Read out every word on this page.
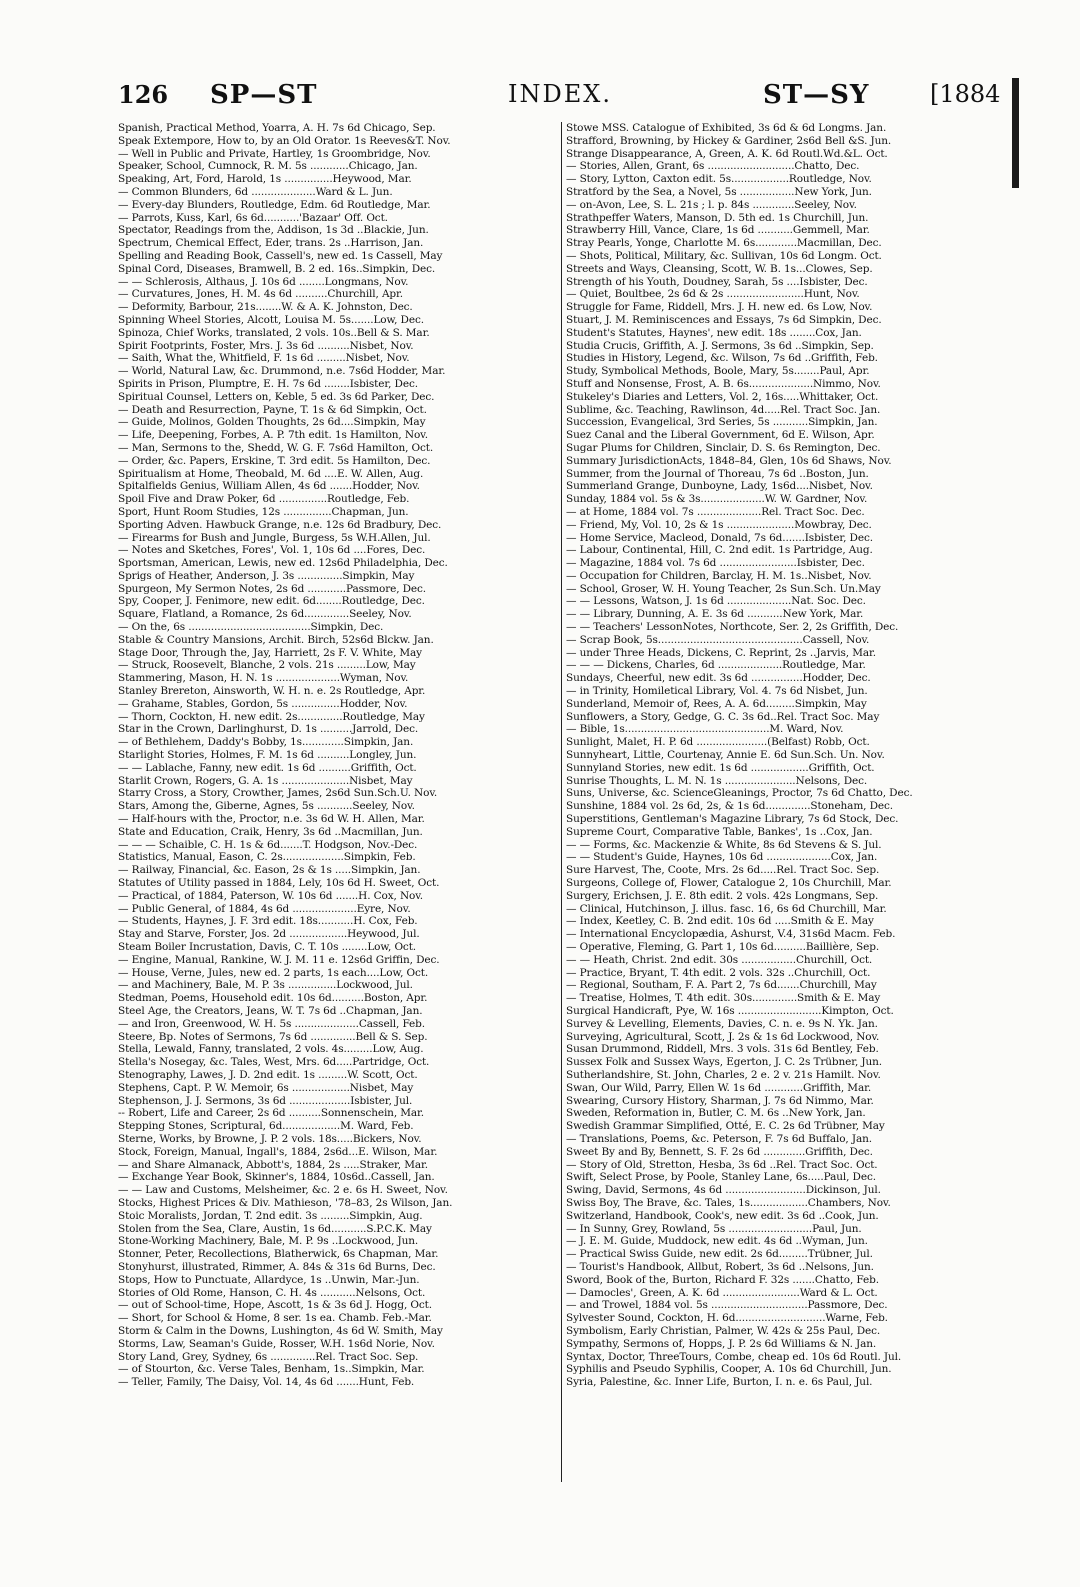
126 SP—ST	INDEX.	ST—SY	[1884
Spanish, Practical Method, Yoarra, A. H. 7s 6d Chicago, Sep.
Speak Extempore, How to, by an Old Orator. 1s Reeves&T. Nov.
— Well in Public and Private, Hartley, 1s Groombridge, Nov.
Speaker, School, Cumnock, R. M. 5s ............Chicago, Jan.
Speaking, Art, Ford, Harold, 1s ...............Heywood, Mar.
— Common Blunders, 6d ....................Ward & L. Jun.
— Every-day Blunders, Routledge, Edm. 6d Routledge, Mar.
— Parrots, Kuss, Karl, 6s 6d...........'Bazaar' Off. Oct.
Spectator, Readings from the, Addison, 1s 3d ..Blackie, Jun.
Spectrum, Chemical Effect, Eder, trans. 2s ..Harrison, Jan.
Spelling and Reading Book, Cassell's, new ed. 1s Cassell, May
Spinal Cord, Diseases, Bramwell, B. 2 ed. 16s..Simpkin, Dec.
— — Schlerosis, Althaus, J. 10s 6d ........Longmans, Nov.
— Curvatures, Jones, H. M. 4s 6d ..........Churchill, Apr.
— Deformity, Barbour, 21s........W. & A. K. Johnston, Dec.
Spinning Wheel Stories, Alcott, Louisa M. 5s.......Low, Dec.
Spinoza, Chief Works, translated, 2 vols. 10s..Bell & S. Mar.
Spirit Footprints, Foster, Mrs. J. 3s 6d ..........Nisbet, Nov.
— Saith, What the, Whitfield, F. 1s 6d .........Nisbet, Nov.
— World, Natural Law, &c. Drummond, n.e. 7s6d Hodder, Mar.
Spirits in Prison, Plumptre, E. H. 7s 6d ........Isbister, Dec.
Spiritual Counsel, Letters on, Keble, 5 ed. 3s 6d Parker, Dec.
— Death and Resurrection, Payne, T. 1s & 6d Simpkin, Oct.
— Guide, Molinos, Golden Thoughts, 2s 6d....Simpkin, May
— Life, Deepening, Forbes, A. P. 7th edit. 1s Hamilton, Nov.
— Man, Sermons to the, Shedd, W. G. F. 7s6d Hamilton, Oct.
— Order, &c. Papers, Erskine, T. 3rd edit. 5s Hamilton, Dec.
Spiritualism at Home, Theobald, M. 6d ....E. W. Allen, Aug.
Spitalfields Genius, William Allen, 4s 6d .......Hodder, Nov.
Spoil Five and Draw Poker, 6d ...............Routledge, Feb.
Sport, Hunt Room Studies, 12s ...............Chapman, Jun.
Sporting Adven. Hawbuck Grange, n.e. 12s 6d Bradbury, Dec.
— Firearms for Bush and Jungle, Burgess, 5s W.H.Allen, Jul.
— Notes and Sketches, Fores', Vol. 1, 10s 6d ....Fores, Dec.
Sportsman, American, Lewis, new ed. 12s6d Philadelphia, Dec.
Sprigs of Heather, Anderson, J. 3s ..............Simpkin, May
Spurgeon, My Sermon Notes, 2s 6d ............Passmore, Dec.
Spy, Cooper, J. Fenimore, new edit. 6d........Routledge, Dec.
Square, Flatland, a Romance, 2s 6d..............Seeley, Nov.
— On the, 6s ......................................Simpkin, Dec.
Stable & Country Mansions, Archit. Birch, 52s6d Blckw. Jan.
Stage Door, Through the, Jay, Harriett, 2s F. V. White, May
— Struck, Roosevelt, Blanche, 2 vols. 21s .........Low, May
Stammering, Mason, H. N. 1s ....................Wyman, Nov.
Stanley Brereton, Ainsworth, W. H. n. e. 2s Routledge, Apr.
— Grahame, Stables, Gordon, 5s ...............Hodder, Nov.
— Thorn, Cockton, H. new edit. 2s..............Routledge, May
Star in the Crown, Darlinghurst, D. 1s ..........Jarrold, Dec.
— of Bethlehem, Daddy's Bobby, 1s.............Simpkin, Jan.
Starlight Stories, Holmes, F. M. 1s 6d ..........Longley, Jun.
— — Lablache, Fanny, new edit. 1s 6d ..........Griffith, Oct.
Starlit Crown, Rogers, G. A. 1s .....................Nisbet, May
Starry Cross, a Story, Crowther, James, 2s6d Sun.Sch.U. Nov.
Stars, Among the, Giberne, Agnes, 5s ...........Seeley, Nov.
— Half-hours with the, Proctor, n.e. 3s 6d W. H. Allen, Mar.
State and Education, Craik, Henry, 3s 6d ..Macmillan, Jun.
— — — Schaible, C. H. 1s & 6d.......T. Hodgson, Nov.-Dec.
Statistics, Manual, Eason, C. 2s...................Simpkin, Feb.
— Railway, Financial, &c. Eason, 2s & 1s .....Simpkin, Jan.
Statutes of Utility passed in 1884, Lely, 10s 6d H. Sweet, Oct.
— Practical, of 1884, Paterson, W. 10s 6d .......H. Cox, Nov.
— Public General, of 1884, 4s 6d ....................Eyre, Nov.
— Students, Haynes, J. F. 3rd edit. 18s...........H. Cox, Feb.
Stay and Starve, Forster, Jos. 2d ..................Heywood, Jul.
Steam Boiler Incrustation, Davis, C. T. 10s ........Low, Oct.
— Engine, Manual, Rankine, W. J. M. 11 e. 12s6d Griffin, Dec.
— House, Verne, Jules, new ed. 2 parts, 1s each....Low, Oct.
— and Machinery, Bale, M. P. 3s ...............Lockwood, Jul.
Stedman, Poems, Household edit. 10s 6d..........Boston, Apr.
Steel Age, the Creators, Jeans, W. T. 7s 6d ..Chapman, Jan.
— and Iron, Greenwood, W. H. 5s ....................Cassell, Feb.
Steere, Bp. Notes of Sermons, 7s 6d ..............Bell & S. Sep.
Stella, Lewald, Fanny, translated, 2 vols. 4s.........Low, Aug.
Stella's Nosegay, &c. Tales, West, Mrs. 6d.....Partridge, Oct.
Stenography, Lawes, J. D. 2nd edit. 1s .........W. Scott, Oct.
Stephens, Capt. P. W. Memoir, 6s ..................Nisbet, May
Stephenson, J. J. Sermons, 3s 6d ...................Isbister, Jul.
-- Robert, Life and Career, 2s 6d ..........Sonnenschein, Mar.
Stepping Stones, Scriptural, 6d..................M. Ward, Feb.
Sterne, Works, by Browne, J. P. 2 vols. 18s.....Bickers, Nov.
Stock, Foreign, Manual, Ingall's, 1884, 2s6d...E. Wilson, Mar.
— and Share Almanack, Abbott's, 1884, 2s .....Straker, Mar.
— Exchange Year Book, Skinner's, 1884, 10s6d..Cassell, Jan.
— — Law and Customs, Melsheimer, &c. 2 e. 6s H. Sweet, Nov.
Stocks, Highest Prices & Div. Mathieson, '78–83, 2s Wilson, Jan.
Stoic Moralists, Jordan, T. 2nd edit. 3s .........Simpkin, Aug.
Stolen from the Sea, Clare, Austin, 1s 6d...........S.P.C.K. May
Stone-Working Machinery, Bale, M. P. 9s ..Lockwood, Jun.
Stonner, Peter, Recollections, Blatherwick, 6s Chapman, Mar.
Stonyhurst, illustrated, Rimmer, A. 84s & 31s 6d Burns, Dec.
Stops, How to Punctuate, Allardyce, 1s ..Unwin, Mar.-Jun.
Stories of Old Rome, Hanson, C. H. 4s ...........Nelsons, Oct.
— out of School-time, Hope, Ascott, 1s & 3s 6d J. Hogg, Oct.
— Short, for School & Home, 8 ser. 1s ea. Chamb. Feb.-Mar.
Storm & Calm in the Downs, Lushington, 4s 6d W. Smith, May
Storms, Law, Seaman's Guide, Rosser, W.H. 1s6d Norie, Nov.
Story Land, Grey, Sydney, 6s ..............Rel. Tract Soc. Sep.
— of Stourton, &c. Verse Tales, Benham, 1s..Simpkin, Mar.
— Teller, Family, The Daisy, Vol. 14, 4s 6d .......Hunt, Feb.
Stowe MSS. Catalogue of Exhibited, 3s 6d & 6d Longms. Jan.
Strafford, Browning, by Hickey & Gardiner, 2s6d Bell &S. Jun.
Strange Disappearance, A, Green, A. K. 6d Routl.Wd.&L. Oct.
— Stories, Allen, Grant, 6s ...........................Chatto, Dec.
— Story, Lytton, Caxton edit. 5s..................Routledge, Nov.
Stratford by the Sea, a Novel, 5s .................New York, Jun.
— on-Avon, Lee, S. L. 21s ; l. p. 84s .............Seeley, Nov.
Strathpeffer Waters, Manson, D. 5th ed. 1s Churchill, Jun.
Strawberry Hill, Vance, Clare, 1s 6d ...........Gemmell, Mar.
Stray Pearls, Yonge, Charlotte M. 6s.............Macmillan, Dec.
— Shots, Political, Military, &c. Sullivan, 10s 6d Longm. Oct.
Streets and Ways, Cleansing, Scott, W. B. 1s...Clowes, Sep.
Strength of his Youth, Doudney, Sarah, 5s ....Isbister, Dec.
— Quiet, Boultbee, 2s 6d & 2s ........................Hunt, Nov.
Struggle for Fame, Riddell, Mrs. J. H. new ed. 6s Low, Nov.
Stuart, J. M. Reminiscences and Essays, 7s 6d Simpkin, Dec.
Student's Statutes, Haynes', new edit. 18s ........Cox, Jan.
Studia Crucis, Griffith, A. J. Sermons, 3s 6d ..Simpkin, Sep.
Studies in History, Legend, &c. Wilson, 7s 6d ..Griffith, Feb.
Study, Symbolical Methods, Boole, Mary, 5s........Paul, Apr.
Stuff and Nonsense, Frost, A. B. 6s....................Nimmo, Nov.
Stukeley's Diaries and Letters, Vol. 2, 16s.....Whittaker, Oct.
Sublime, &c. Teaching, Rawlinson, 4d.....Rel. Tract Soc. Jan.
Succession, Evangelical, 3rd Series, 5s ...........Simpkin, Jan.
Suez Canal and the Liberal Government, 6d E. Wilson, Apr.
Sugar Plums for Children, Sinclair, D. S. 6s Remington, Dec.
Summary JurisdictionActs, 1848–84, Glen, 10s 6d Shaws, Nov.
Summer, from the Journal of Thoreau, 7s 6d ..Boston, Jun.
Summerland Grange, Dunboyne, Lady, 1s6d....Nisbet, Nov.
Sunday, 1884 vol. 5s & 3s....................W. W. Gardner, Nov.
— at Home, 1884 vol. 7s ....................Rel. Tract Soc. Dec.
— Friend, My, Vol. 10, 2s & 1s .....................Mowbray, Dec.
— Home Service, Macleod, Donald, 7s 6d.......Isbister, Dec.
— Labour, Continental, Hill, C. 2nd edit. 1s Partridge, Aug.
— Magazine, 1884 vol. 7s 6d ........................Isbister, Dec.
— Occupation for Children, Barclay, H. M. 1s..Nisbet, Nov.
— School, Groser, W. H. Young Teacher, 2s Sun.Sch. Un.May
— — Lessons, Watson, J. 1s 6d ....................Nat. Soc. Dec.
— — Library, Dunning, A. E. 3s 6d ...........New York, Mar.
— — Teachers' LessonNotes, Northcote, Ser. 2, 2s Griffith, Dec.
— Scrap Book, 5s.............................................Cassell, Nov.
— under Three Heads, Dickens, C. Reprint, 2s ..Jarvis, Mar.
— — — Dickens, Charles, 6d ....................Routledge, Mar.
Sundays, Cheerful, new edit. 3s 6d ................Hodder, Dec.
— in Trinity, Homiletical Library, Vol. 4. 7s 6d Nisbet, Jun.
Sunderland, Memoir of, Rees, A. A. 6d.........Simpkin, May
Sunflowers, a Story, Gedge, G. C. 3s 6d..Rel. Tract Soc. May
— Bible, 1s.............................................M. Ward, Nov.
Sunlight, Malet, H. P. 6d ......................(Belfast) Robb, Oct.
Sunnyheart, Little, Courtenay, Annie E. 6d Sun.Sch. Un. Nov.
Sunnyland Stories, new edit. 1s 6d ..................Griffith, Oct.
Sunrise Thoughts, L. M. N. 1s ......................Nelsons, Dec.
Suns, Universe, &c. ScienceGleanings, Proctor, 7s 6d Chatto, Dec.
Sunshine, 1884 vol. 2s 6d, 2s, & 1s 6d..............Stoneham, Dec.
Superstitions, Gentleman's Magazine Library, 7s 6d Stock, Dec.
Supreme Court, Comparative Table, Bankes', 1s ..Cox, Jan.
— — Forms, &c. Mackenzie & White, 8s 6d Stevens & S. Jul.
— — Student's Guide, Haynes, 10s 6d ....................Cox, Jan.
Sure Harvest, The, Coote, Mrs. 2s 6d.....Rel. Tract Soc. Sep.
Surgeons, College of, Flower, Catalogue 2, 10s Churchill, Mar.
Surgery, Erichsen, J. E. 8th edit. 2 vols. 42s Longmans, Sep.
— Clinical, Hutchinson, J. illus. fasc. 16, 6s 6d Churchill, Mar.
— Index, Keetley, C. B. 2nd edit. 10s 6d .....Smith & E. May
— International Encyclopædia, Ashurst, V.4, 31s6d Macm. Feb.
— Operative, Fleming, G. Part 1, 10s 6d..........Baillière, Sep.
— — Heath, Christ. 2nd edit. 30s .................Churchill, Oct.
— Practice, Bryant, T. 4th edit. 2 vols. 32s ..Churchill, Oct.
— Regional, Southam, F. A. Part 2, 7s 6d.......Churchill, May
— Treatise, Holmes, T. 4th edit. 30s..............Smith & E. May
Surgical Handicraft, Pye, W. 16s ..........................Kimpton, Oct.
Survey & Levelling, Elements, Davies, C. n. e. 9s N. Yk. Jan.
Surveying, Agricultural, Scott, J. 2s & 1s 6d Lockwood, Nov.
Susan Drummond, Riddell, Mrs. 3 vols. 31s 6d Bentley, Feb.
Sussex Folk and Sussex Ways, Egerton, J. C. 2s Trübner, Jun.
Sutherlandshire, St. John, Charles, 2 e. 2 v. 21s Hamilt. Nov.
Swan, Our Wild, Parry, Ellen W. 1s 6d ............Griffith, Mar.
Swearing, Cursory History, Sharman, J. 7s 6d Nimmo, Mar.
Sweden, Reformation in, Butler, C. M. 6s ..New York, Jan.
Swedish Grammar Simplified, Otté, E. C. 2s 6d Trübner, May
— Translations, Poems, &c. Peterson, F. 7s 6d Buffalo, Jan.
Sweet By and By, Bennett, S. F. 2s 6d .............Griffith, Dec.
— Story of Old, Stretton, Hesba, 3s 6d ..Rel. Tract Soc. Oct.
Swift, Select Prose, by Poole, Stanley Lane, 6s.....Paul, Dec.
Swing, David, Sermons, 4s 6d .........................Dickinson, Jul.
Swiss Boy, The Brave, &c. Tales, 1s..................Chambers, Nov.
Switzerland, Handbook, Cook's, new edit. 3s 6d ..Cook, Jun.
— In Sunny, Grey, Rowland, 5s ..........................Paul, Jun.
— J. E. M. Guide, Muddock, new edit. 4s 6d ..Wyman, Jun.
— Practical Swiss Guide, new edit. 2s 6d.........Trübner, Jul.
— Tourist's Handbook, Allbut, Robert, 3s 6d ..Nelsons, Jun.
Sword, Book of the, Burton, Richard F. 32s .......Chatto, Feb.
— Damocles', Green, A. K. 6d ........................Ward & L. Oct.
— and Trowel, 1884 vol. 5s ..............................Passmore, Dec.
Sylvester Sound, Cockton, H. 6d............................Warne, Feb.
Symbolism, Early Christian, Palmer, W. 42s & 25s Paul, Dec.
Sympathy, Sermons of, Hopps, J. P. 2s 6d Williams & N. Jan.
Syntax, Doctor, ThreeTours, Combe, cheap ed. 10s 6d Routl. Jul.
Syphilis and Pseudo Syphilis, Cooper, A. 10s 6d Churchill, Jun.
Syria, Palestine, &c. Inner Life, Burton, I. n. e. 6s Paul, Jul.
